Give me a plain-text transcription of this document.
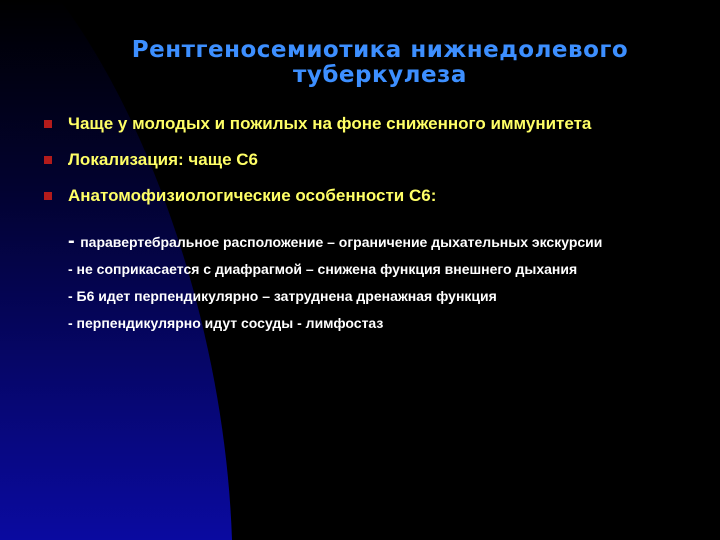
Рентгеносемиотика нижнедолевого
туберкулеза
Чаще у молодых и пожилых на фоне сниженного иммунитета
Локализация: чаще С6
Анатомофизиологические особенности С6:
- паравертебральное расположение – ограничение дыхательных экскурсии
- не соприкасается с диафрагмой – снижена функция внешнего дыхания
- Б6 идет перпендикулярно – затруднена дренажная функция
- перпендикулярно идут сосуды - лимфостаз
